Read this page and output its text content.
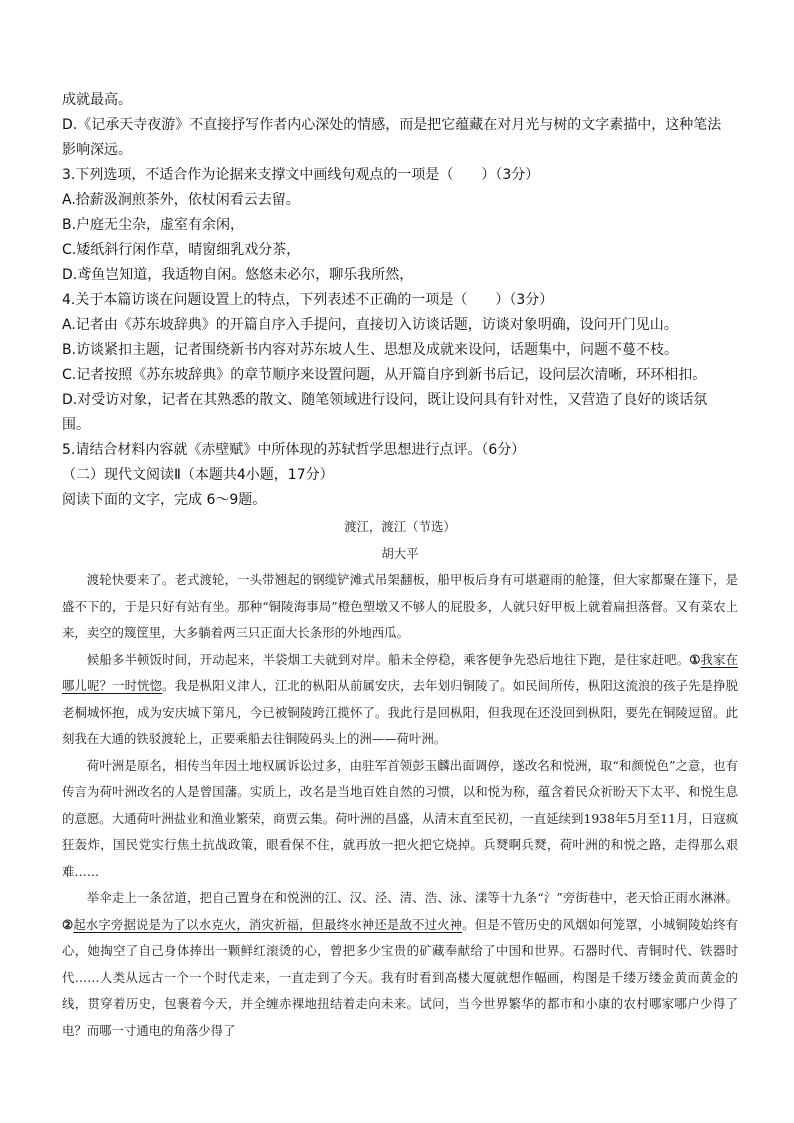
成就最高。
D.《记承天寺夜游》不直接抒写作者内心深处的情感，而是把它蕴藏在对月光与树的文字素描中，这种笔法
影响深远。
3.下列选项，不适合作为论据来支撑文中画线句观点的一项是（　　）（3分）
A.拾薪汲涧煎茶外，依杖闲看云去留。
B.户庭无尘杂，虚室有余闲，
C.矮纸斜行闲作草，晴窗细乳戏分茶，
D.鸢鱼岂知道，我适物自闲。悠悠未必尔，聊乐我所然，
4.关于本篇访谈在问题设置上的特点，下列表述不正确的一项是（　　）（3分）
A.记者由《苏东坡辞典》的开篇自序入手提问，直接切入访谈话题，访谈对象明确，设问开门见山。
B.访谈紧扣主题，记者围绕新书内容对苏东坡人生、思想及成就来设问，话题集中，问题不蔓不枝。
C.记者按照《苏东坡辞典》的章节顺序来设置问题，从开篇自序到新书后记，设问层次清晰，环环相扣。
D.对受访对象，记者在其熟悉的散文、随笔领域进行设问，既让设问具有针对性，又营造了良好的谈话氛
围。
5.请结合材料内容就《赤壁赋》中所体现的苏轼哲学思想进行点评。（6分）
（二）现代文阅读Ⅱ（本题共4小题，17分）
阅读下面的文字，完成 6～9题。
渡江，渡江（节选）
胡大平

渡轮快要来了。老式渡轮，一头带翘起的钢缆铲滩式吊架翻板，船甲板后身有可堪避雨的舱篷，但大家都聚在篷下，是盛不下的，于是只好有站有坐。那种“铜陵海事局”橙色塑墩又不够人的屁股多，人就只好甲板上就着扁担落督。又有菜农上来，卖空的篾筐里，大多躺着两三只正面大长条形的外地西瓜。

候船多半顿饭时间，开动起来，半袋烟工夫就到对岸。船未全停稳，乘客便争先恐后地往下跑，是往家赶吧。①我家在哪儿呢？一时恍惚。我是枞阳义津人，江北的枞阳从前属安庆，去年划归铜陵了。如民间所传，枞阳这流浪的孩子先是挣脱老桐城怀抱，成为安庆城下第凡，今已被铜陵跨江揽怀了。我此行是回枞阳，但我现在还没回到枞阳，要先在铜陵逗留。此刻我在大通的铁驳渡轮上，正要乘船去往铜陵码头上的洲——荷叶洲。

荷叶洲是原名，相传当年因土地权属诉讼过多，由驻军首领彭玉麟出面调停，遂改名和悦洲，取“和颜悦色”之意，也有传言为荷叶洲改名的人是曾国藩。实质上，改名是当地百姓自然的习惯，以和悦为称，蕴含着民众祈盼天下太平、和悦生息的意愿。大通荷叶洲盐业和渔业繁荣，商贾云集。荷叶洲的昌盛，从清末直至民初，一直延续到1938年5月至11月，日寇疯狂轰炸，国民党实行焦土抗战政策，眼看保不住，就再放一把火把它烧掉。兵燹啊兵燹，荷叶洲的和悦之路，走得那么艰难……

举伞走上一条岔道，把自己置身在和悦洲的江、汉、泾、清、浩、泳、漾等十九条“氵”旁街巷中，老天恰正雨水淋淋。②起水字旁据说是为了以水克火，消灾祈福，但最终水神还是敌不过火神。但是不管历史的风烟如何笼罩，小城铜陵始终有心，她掏空了自己身体捧出一颗鲜红滚烫的心，曾把多少宝贵的矿藏奉献给了中国和世界。石器时代、青铜时代、铁器时代……人类从远古一个一个时代走来，一直走到了今天。我有时看到高楼大厦就想作幅画，构图是千缕万缕金黄而黄金的线，贯穿着历史，包裹着今天，并全缠赤裸地扭结着走向未来。试问，当今世界繁华的都市和小康的农村哪家哪户少得了电？而哪一寸通电的角落少得了
